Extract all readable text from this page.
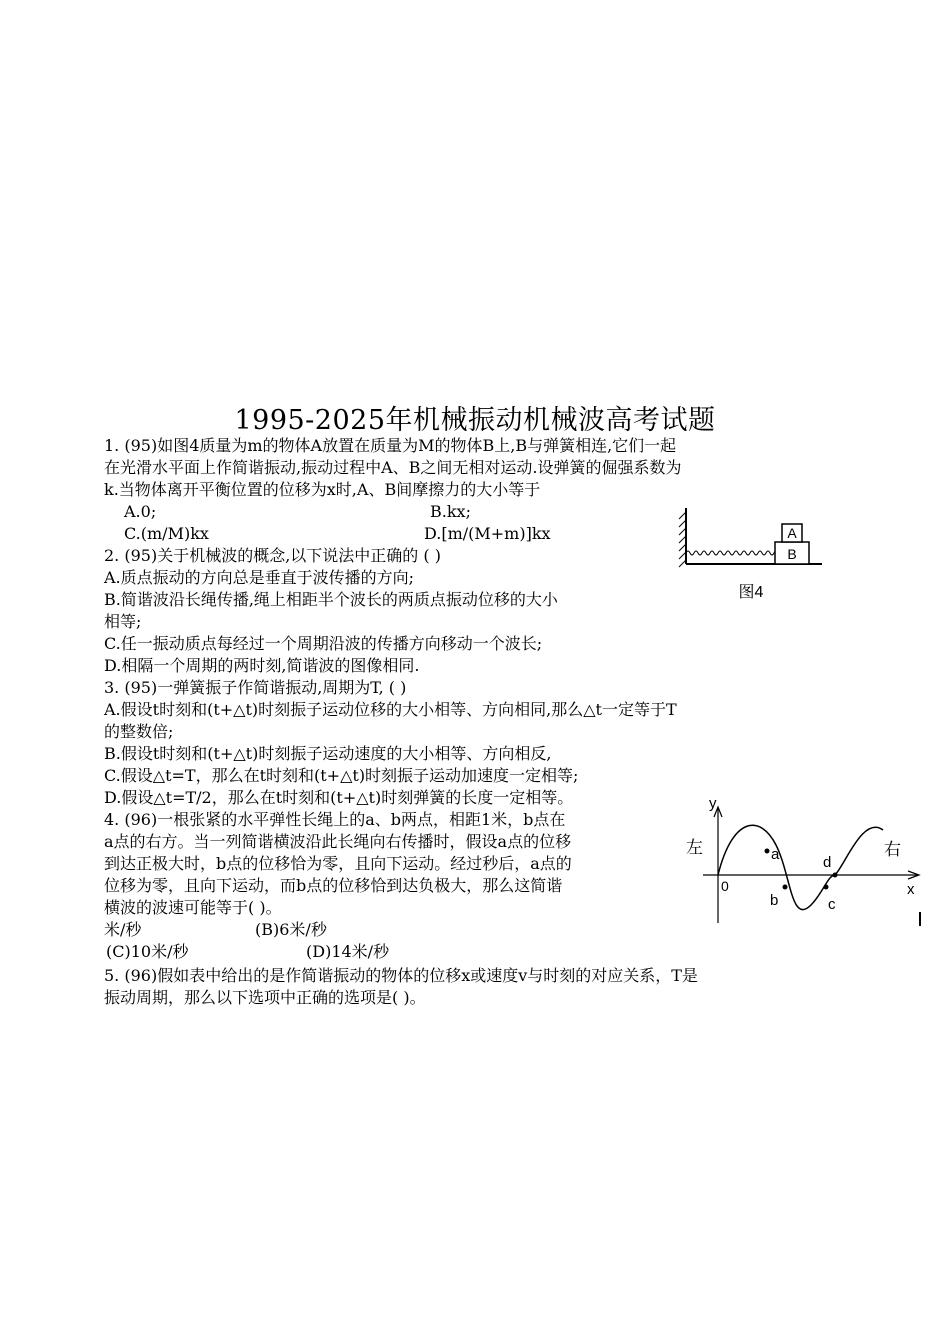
1995-2025年机械振动机械波高考试题
1. (95)如图4质量为m的物体A放置在质量为M的物体B上,B与弹簧相连,它们一起
在光滑水平面上作简谐振动,振动过程中A、B之间无相对运动.设弹簧的倔强系数为
k.当物体离开平衡位置的位移为x时,A、B间摩擦力的大小等于
A.0;	B.kx;
C.(m/M)kx	D.[m/(M+m)]kx	A
B
图4
2. (95)关于机械波的概念,以下说法中正确的 ( )
A.质点振动的方向总是垂直于波传播的方向;
B.简谐波沿长绳传播,绳上相距半个波长的两质点振动位移的大小
相等;
C.任一振动质点每经过一个周期沿波的传播方向移动一个波长;
D.相隔一个周期的两时刻,简谐波的图像相同.
3. (95)一弹簧振子作简谐振动,周期为T, ( )
A.假设t时刻和(t+△t)时刻振子运动位移的大小相等、方向相同,那么△t一定等于T
的整数倍;
B.假设t时刻和(t+△t)时刻振子运动速度的大小相等、方向相反,
C.假设△t=T，那么在t时刻和(t+△t)时刻振子运动加速度一定相等;
D.假设△t=T/2，那么在t时刻和(t+△t)时刻弹簧的长度一定相等。
4. (96)一根张紧的水平弹性长绳上的a、b两点，相距1米，b点在
a点的右方。当一列简谐横波沿此长绳向右传播时，假设a点的位移
到达正极大时，b点的位移恰为零，且向下运动。经过秒后，a点的
位移为零，且向下运动，而b点的位移恰到达负极大，那么这简谐
横波的波速可能等于( )。
米/秒	(B)6米/秒
(C)10米/秒	(D)14米/秒
左	右
y
x
0
a
b	c
d
5. (96)假如表中给出的是作简谐振动的物体的位移x或速度v与时刻的对应关系，T是
振动周期，那么以下选项中正确的选项是( )。
